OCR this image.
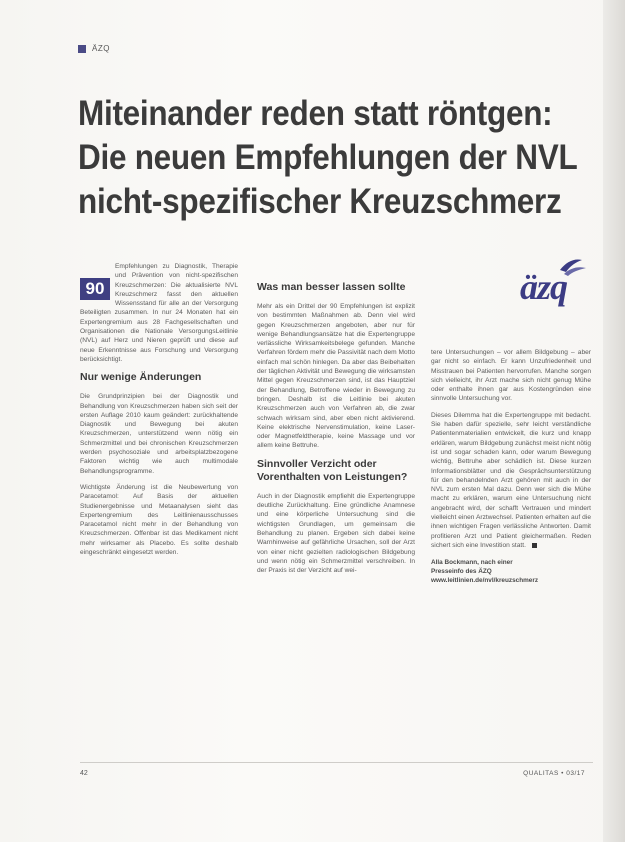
ÄZQ
Miteinander reden statt röntgen:
Die neuen Empfehlungen der NVL
nicht-spezifischer Kreuzschmerz
äzq
90

Empfehlungen zu Diagnostik, Therapie und Prävention von nicht-spezifischen Kreuzschmerzen: Die aktualisierte NVL Kreuzschmerz fasst den aktuellen Wissensstand für alle an der Versorgung Beteiligten zusammen. In nur 24 Monaten hat ein Expertengremium aus 28 Fachgesellschaften und Organisationen die Nationale VersorgungsLeitlinie (NVL) auf Herz und Nieren geprüft und diese auf neue Erkenntnisse aus Forschung und Versorgung berücksichtigt.

Nur wenige Änderungen

Die Grundprinzipien bei der Diagnostik und Behandlung von Kreuzschmerzen haben sich seit der ersten Auflage 2010 kaum geändert: zurückhaltende Diagnostik und Bewegung bei akuten Kreuzschmerzen, unterstützend wenn nötig ein Schmerzmittel und bei chronischen Kreuzschmerzen werden psychosoziale und arbeitsplatzbezogene Faktoren wichtig wie auch multimodale Behandlungsprogramme.

Wichtigste Änderung ist die Neubewertung von Paracetamol: Auf Basis der aktuellen Studienergebnisse und Metaanalysen sieht das Expertengremium des Leitlinienausschusses Paracetamol nicht mehr in der Behandlung von Kreuzschmerzen. Offenbar ist das Medikament nicht mehr wirksamer als Placebo. Es sollte deshalb eingeschränkt eingesetzt werden.

Was man besser lassen sollte

Mehr als ein Drittel der 90 Empfehlungen ist explizit von bestimmten Maßnahmen ab. Denn viel wird gegen Kreuzschmerzen angeboten, aber nur für wenige Behandlungsansätze hat die Expertengruppe verlässliche Wirksamkeitsbelege gefunden. Manche Verfahren fördern mehr die Passivität nach dem Motto einfach mal schön hinlegen. Da aber das Beibehalten der täglichen Aktivität und Bewegung die wirksamsten Mittel gegen Kreuzschmerzen sind, ist das Hauptziel der Behandlung, Betroffene wieder in Bewegung zu bringen. Deshalb ist die Leitlinie bei akuten Kreuzschmerzen auch von Verfahren ab, die zwar schwach wirksam sind, aber eben nicht aktivierend. Keine elektrische Nervenstimulation, keine Laser- oder Magnetfeldtherapie, keine Massage und vor allem keine Bettruhe.

Sinnvoller Verzicht oder Vorenthalten von Leistungen?

Auch in der Diagnostik empfiehlt die Expertengruppe deutliche Zurückhaltung. Eine gründliche Anamnese und eine körperliche Untersuchung sind die wichtigsten Grundlagen, um gemeinsam die Behandlung zu planen. Ergeben sich dabei keine Warnhinweise auf gefährliche Ursachen, soll der Arzt von einer nicht gezielten radiologischen Bildgebung und wenn nötig ein Schmerzmittel verschreiben. In der Praxis ist der Verzicht auf wei-

tere Untersuchungen – vor allem Bildgebung – aber gar nicht so einfach. Er kann Unzufriedenheit und Misstrauen bei Patienten hervorrufen. Manche sorgen sich vielleicht, ihr Arzt mache sich nicht genug Mühe oder enthalte ihnen gar aus Kostengründen eine sinnvolle Untersuchung vor.

Dieses Dilemma hat die Expertengruppe mit bedacht. Sie haben dafür spezielle, sehr leicht verständliche Patientenmaterialien entwickelt, die kurz und knapp erklären, warum Bildgebung zunächst meist nicht nötig ist und sogar schaden kann, oder warum Bewegung wichtig, Bettruhe aber schädlich ist. Diese kurzen Informationsblätter und die Gesprächsunterstützung für den behandelnden Arzt gehören mit auch in der NVL zum ersten Mal dazu. Denn wer sich die Mühe macht zu erklären, warum eine Untersuchung nicht angebracht wird, der schafft Vertrauen und mindert vielleicht einen Arztwechsel. Patienten erhalten auf die ihnen wichtigen Fragen verlässliche Antworten. Damit profitieren Arzt und Patient gleichermaßen. Reden sichert sich eine Investition statt.

Alla Bockmann, nach einer
Presseinfo des ÄZQ
www.leitlinien.de/nvl/kreuzschmerz
42	QUALITAS • 03/17
